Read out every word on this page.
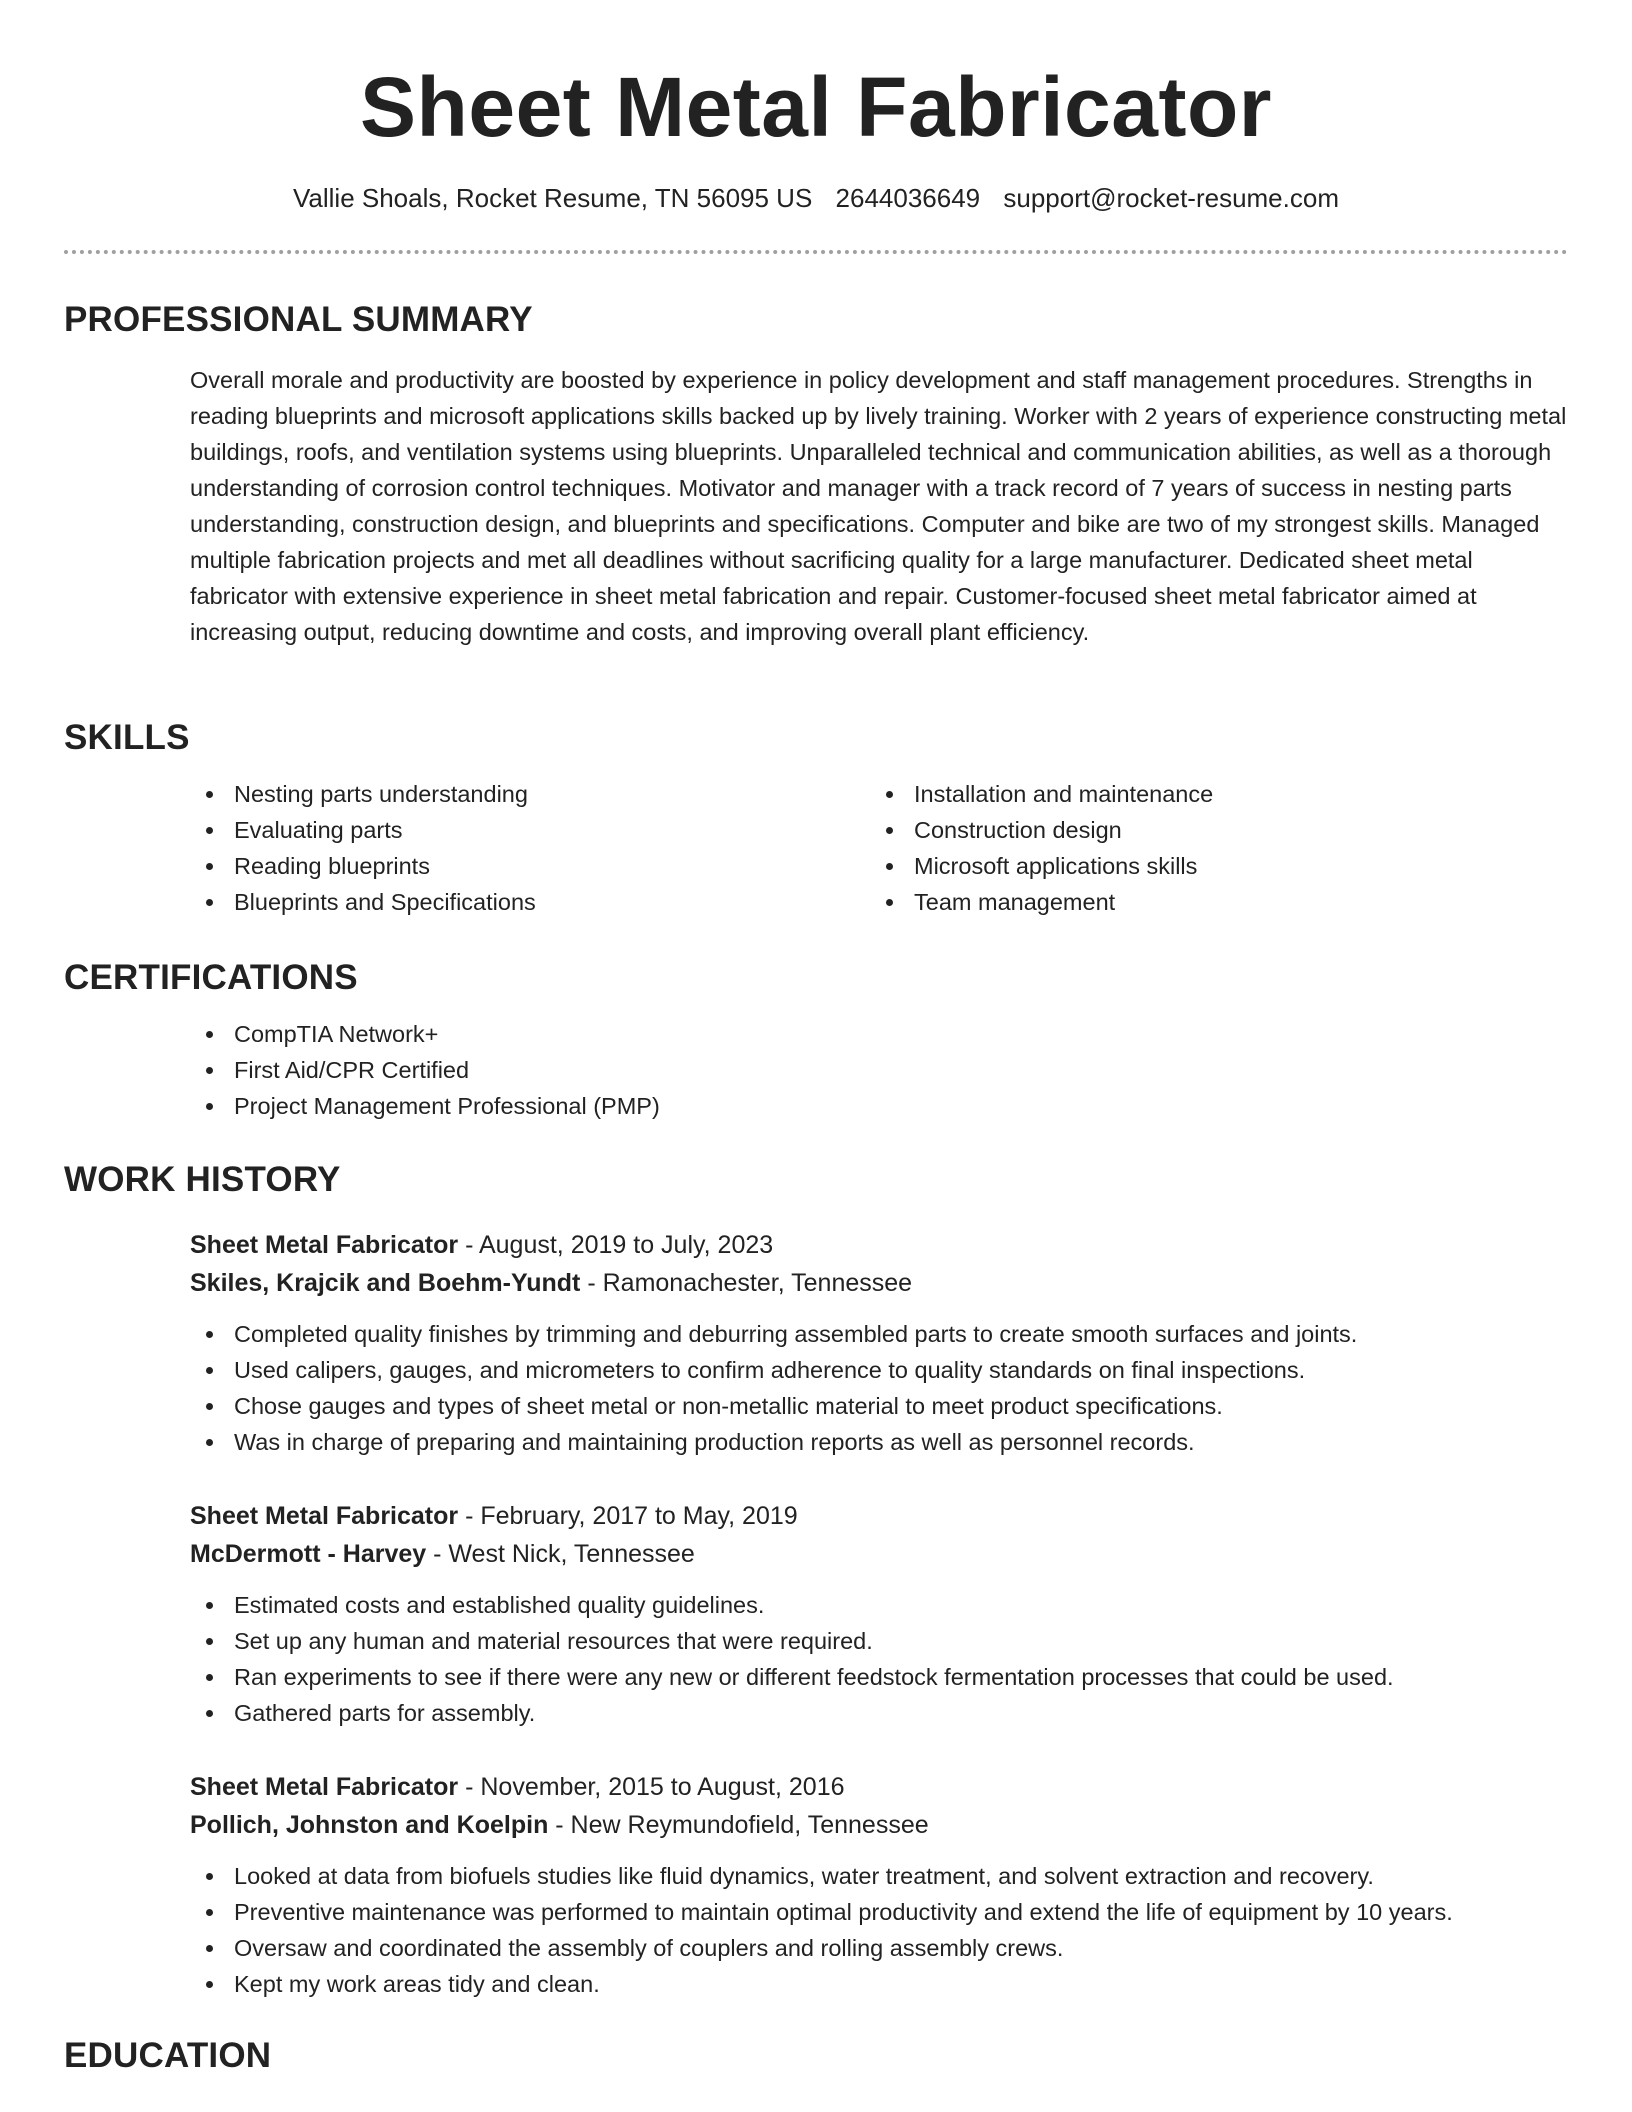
Sheet Metal Fabricator
Vallie Shoals, Rocket Resume, TN 56095 US 2644036649 support@rocket-resume.com
PROFESSIONAL SUMMARY

Overall morale and productivity are boosted by experience in policy development and staff management procedures. Strengths in reading blueprints and microsoft applications skills backed up by lively training. Worker with 2 years of experience constructing metal buildings, roofs, and ventilation systems using blueprints. Unparalleled technical and communication abilities, as well as a thorough understanding of corrosion control techniques. Motivator and manager with a track record of 7 years of success in nesting parts understanding, construction design, and blueprints and specifications. Computer and bike are two of my strongest skills. Managed multiple fabrication projects and met all deadlines without sacrificing quality for a large manufacturer. Dedicated sheet metal fabricator with extensive experience in sheet metal fabrication and repair. Customer-focused sheet metal fabricator aimed at increasing output, reducing downtime and costs, and improving overall plant efficiency.

SKILLS
Nesting parts understanding
Evaluating parts
Reading blueprints
Blueprints and Specifications
Installation and maintenance
Construction design
Microsoft applications skills
Team management
CERTIFICATIONS
CompTIA Network+
First Aid/CPR Certified
Project Management Professional (PMP)
WORK HISTORY
Sheet Metal Fabricator - August, 2019 to July, 2023
Skiles, Krajcik and Boehm-Yundt - Ramonachester, Tennessee
Completed quality finishes by trimming and deburring assembled parts to create smooth surfaces and joints.
Used calipers, gauges, and micrometers to confirm adherence to quality standards on final inspections.
Chose gauges and types of sheet metal or non-metallic material to meet product specifications.
Was in charge of preparing and maintaining production reports as well as personnel records.
Sheet Metal Fabricator - February, 2017 to May, 2019
McDermott - Harvey - West Nick, Tennessee
Estimated costs and established quality guidelines.
Set up any human and material resources that were required.
Ran experiments to see if there were any new or different feedstock fermentation processes that could be used.
Gathered parts for assembly.
Sheet Metal Fabricator - November, 2015 to August, 2016
Pollich, Johnston and Koelpin - New Reymundofield, Tennessee
Looked at data from biofuels studies like fluid dynamics, water treatment, and solvent extraction and recovery.
Preventive maintenance was performed to maintain optimal productivity and extend the life of equipment by 10 years.
Oversaw and coordinated the assembly of couplers and rolling assembly crews.
Kept my work areas tidy and clean.
EDUCATION
